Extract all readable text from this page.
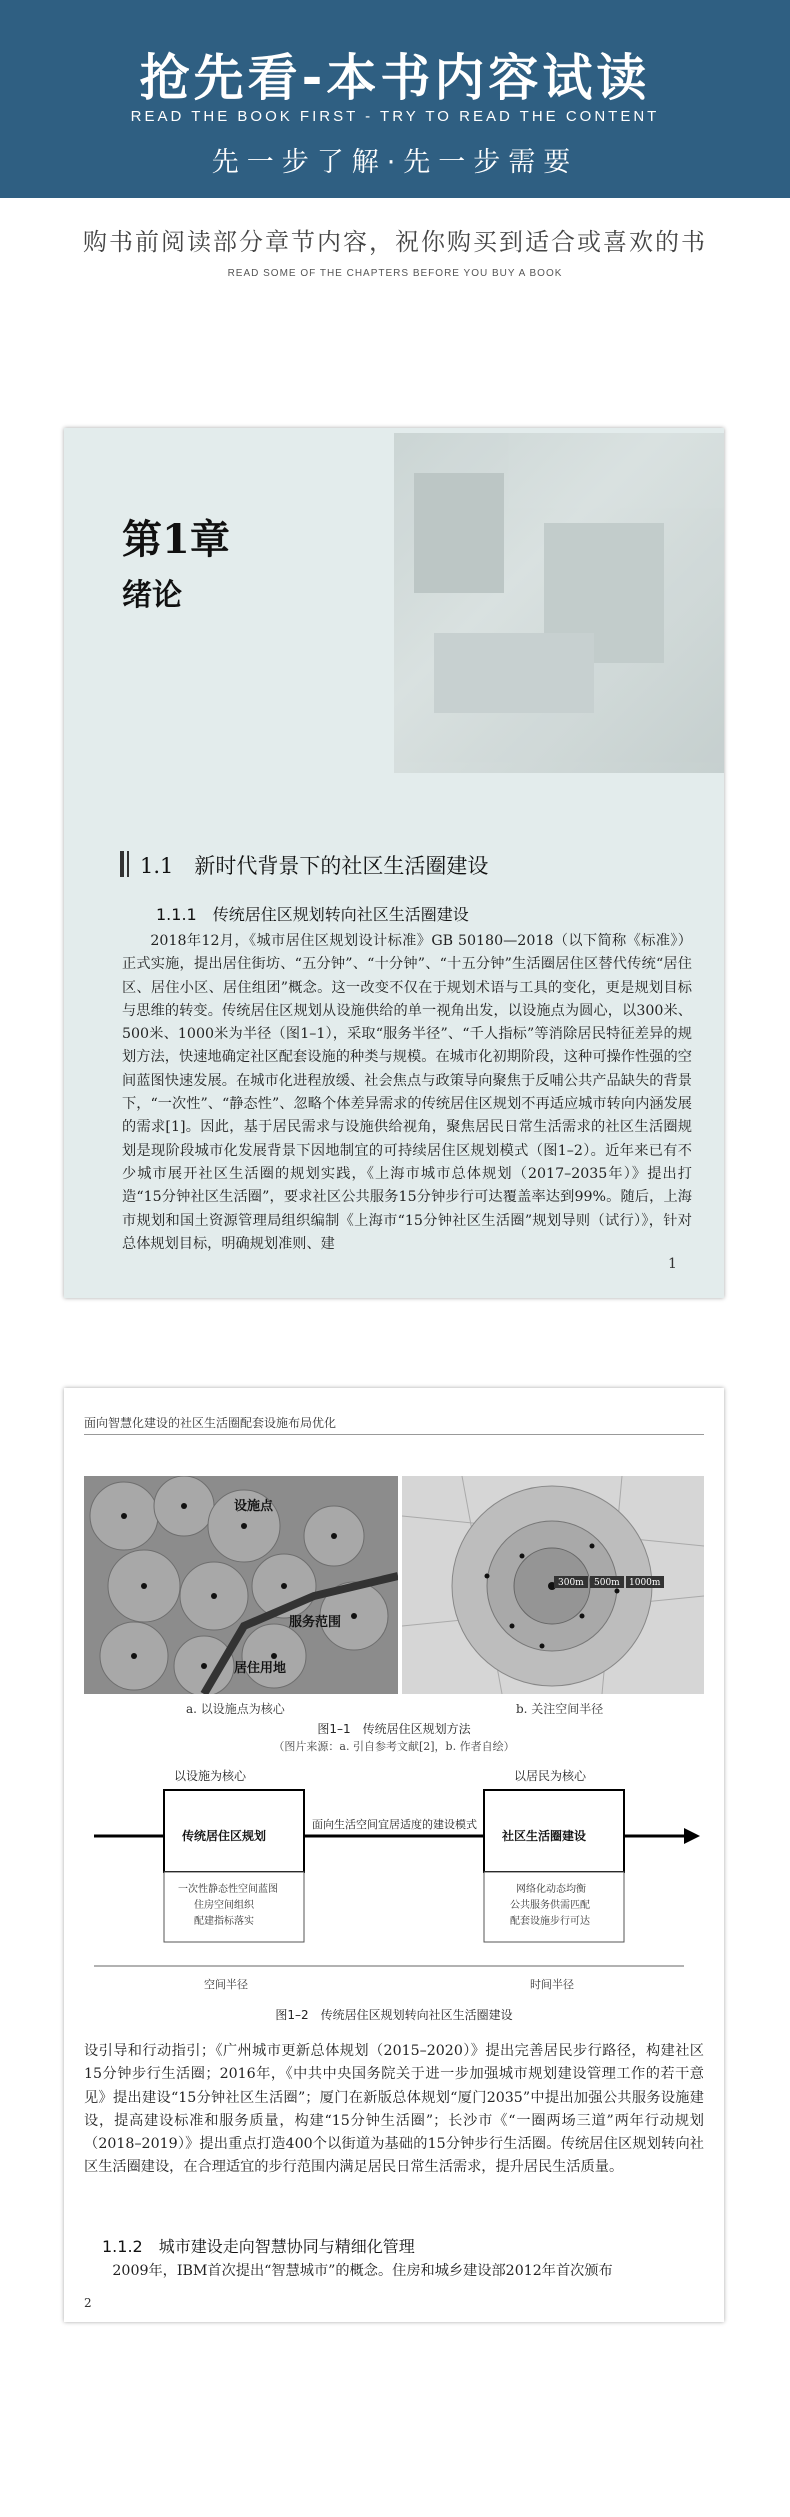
抢先看-本书内容试读
READ THE BOOK FIRST - TRY TO READ THE CONTENT
先一步了解·先一步需要
购书前阅读部分章节内容，祝你购买到适合或喜欢的书
READ SOME OF THE CHAPTERS BEFORE YOU BUY A BOOK
第1章
绪论
1.1　新时代背景下的社区生活圈建设
1.1.1　传统居住区规划转向社区生活圈建设
2018年12月，《城市居住区规划设计标准》GB 50180—2018（以下简称《标准》）正式实施，提出居住街坊、“五分钟”、“十分钟”、“十五分钟”生活圈居住区替代传统“居住区、居住小区、居住组团”概念。这一改变不仅在于规划术语与工具的变化，更是规划目标与思维的转变。传统居住区规划从设施供给的单一视角出发，以设施点为圆心，以300米、500米、1000米为半径（图1–1），采取“服务半径”、“千人指标”等消除居民特征差异的规划方法，快速地确定社区配套设施的种类与规模。在城市化初期阶段，这种可操作性强的空间蓝图快速发展。在城市化进程放缓、社会焦点与政策导向聚焦于反哺公共产品缺失的背景下，“一次性”、“静态性”、忽略个体差异需求的传统居住区规划不再适应城市转向内涵发展的需求[1]。因此，基于居民需求与设施供给视角，聚焦居民日常生活需求的社区生活圈规划是现阶段城市化发展背景下因地制宜的可持续居住区规划模式（图1–2）。近年来已有不少城市展开社区生活圈的规划实践，《上海市城市总体规划（2017–2035年）》提出打造“15分钟社区生活圈”，要求社区公共服务15分钟步行可达覆盖率达到99%。随后，上海市规划和国土资源管理局组织编制《上海市“15分钟社区生活圈”规划导则（试行）》，针对总体规划目标，明确规划准则、建
1
面向智慧化建设的社区生活圈配套设施布局优化
设施点
服务范围
居住用地
300m 500m 1000m
a. 以设施点为核心	b. 关注空间半径
图1–1　传统居住区规划方法
（图片来源：a. 引自参考文献[2]，b. 作者自绘）
以设施为核心	以居民为核心
传统居住区规划	社区生活圈建设
面向生活空间宜居适度的建设模式
一次性静态性空间蓝图 住房空间组织 配建指标落实
网络化动态均衡 公共服务供需匹配 配套设施步行可达
空间半径	时间半径
图1–2　传统居住区规划转向社区生活圈建设
设引导和行动指引；《广州城市更新总体规划（2015–2020）》提出完善居民步行路径，构建社区15分钟步行生活圈；2016年，《中共中央国务院关于进一步加强城市规划建设管理工作的若干意见》提出建设“15分钟社区生活圈”；厦门在新版总体规划“厦门2035”中提出加强公共服务设施建设，提高建设标准和服务质量，构建“15分钟生活圈”；长沙市《“一圈两场三道”两年行动规划（2018–2019）》提出重点打造400个以街道为基础的15分钟步行生活圈。传统居住区规划转向社区生活圈建设，在合理适宜的步行范围内满足居民日常生活需求，提升居民生活质量。
1.1.2　城市建设走向智慧协同与精细化管理
2009年，IBM首次提出“智慧城市”的概念。住房和城乡建设部2012年首次颁布
2
